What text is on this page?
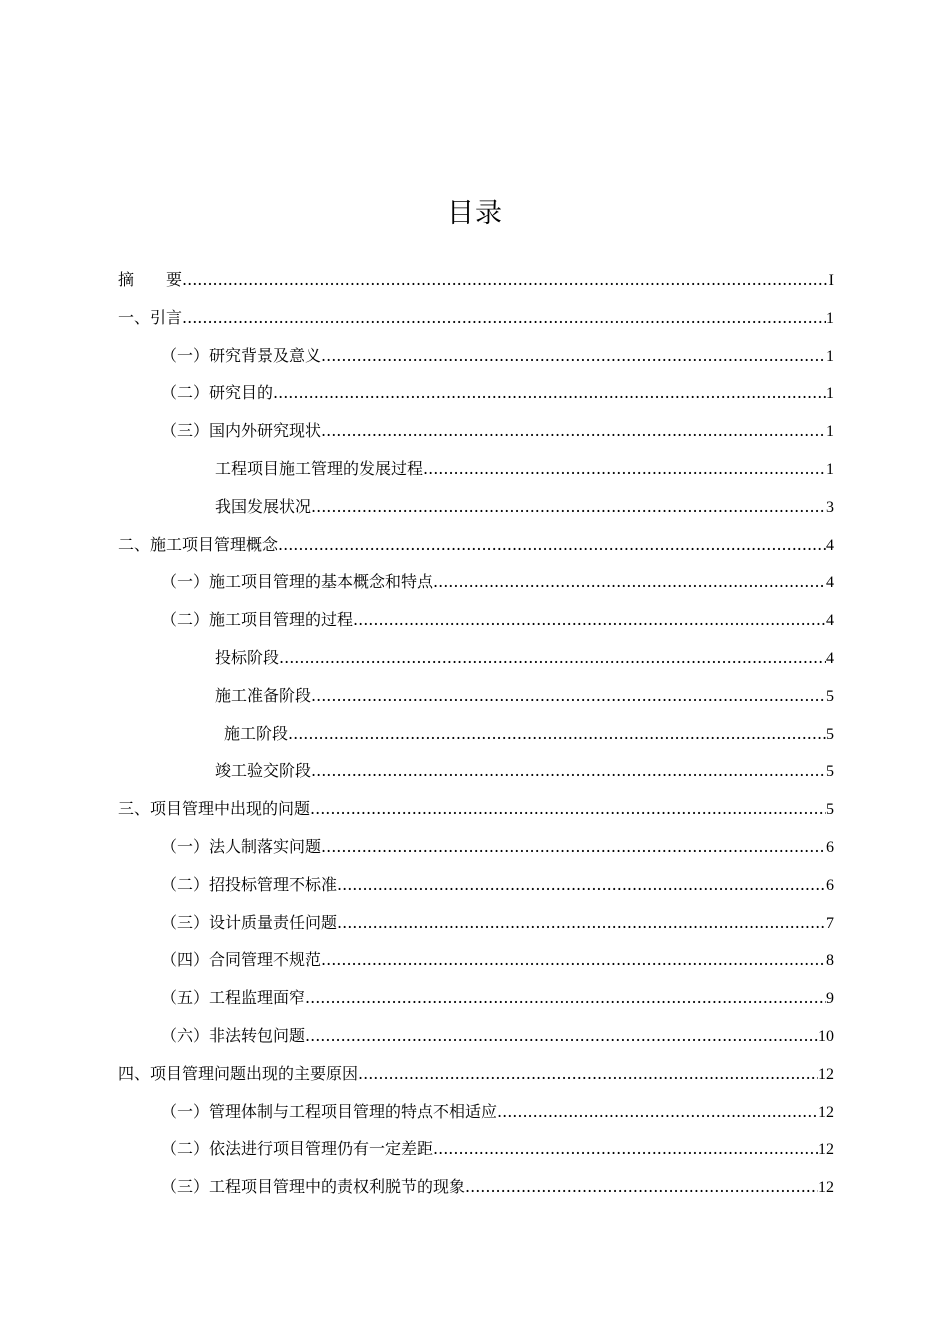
目录
摘　　要 .....	I
一、引言 .....	1
（一）研究背景及意义 .....	1
（二）研究目的 .....	1
（三）国内外研究现状 .....	1
工程项目施工管理的发展过程 .....	1
我国发展状况 .....	3
二、施工项目管理概念 .....	4
（一）施工项目管理的基本概念和特点 .....	4
（二）施工项目管理的过程 .....	4
投标阶段 .....	4
施工准备阶段 .....	5
施工阶段 .....	5
竣工验交阶段 .....	5
三、项目管理中出现的问题 .....	5
（一）法人制落实问题 .....	6
（二）招投标管理不标准 .....	6
（三）设计质量责任问题 .....	7
（四）合同管理不规范 .....	8
（五）工程监理面窄 .....	9
（六）非法转包问题 .....	10
四、项目管理问题出现的主要原因 .....	12
（一）管理体制与工程项目管理的特点不相适应 .....	12
（二）依法进行项目管理仍有一定差距 .....	12
（三）工程项目管理中的责权利脱节的现象 .....	12
